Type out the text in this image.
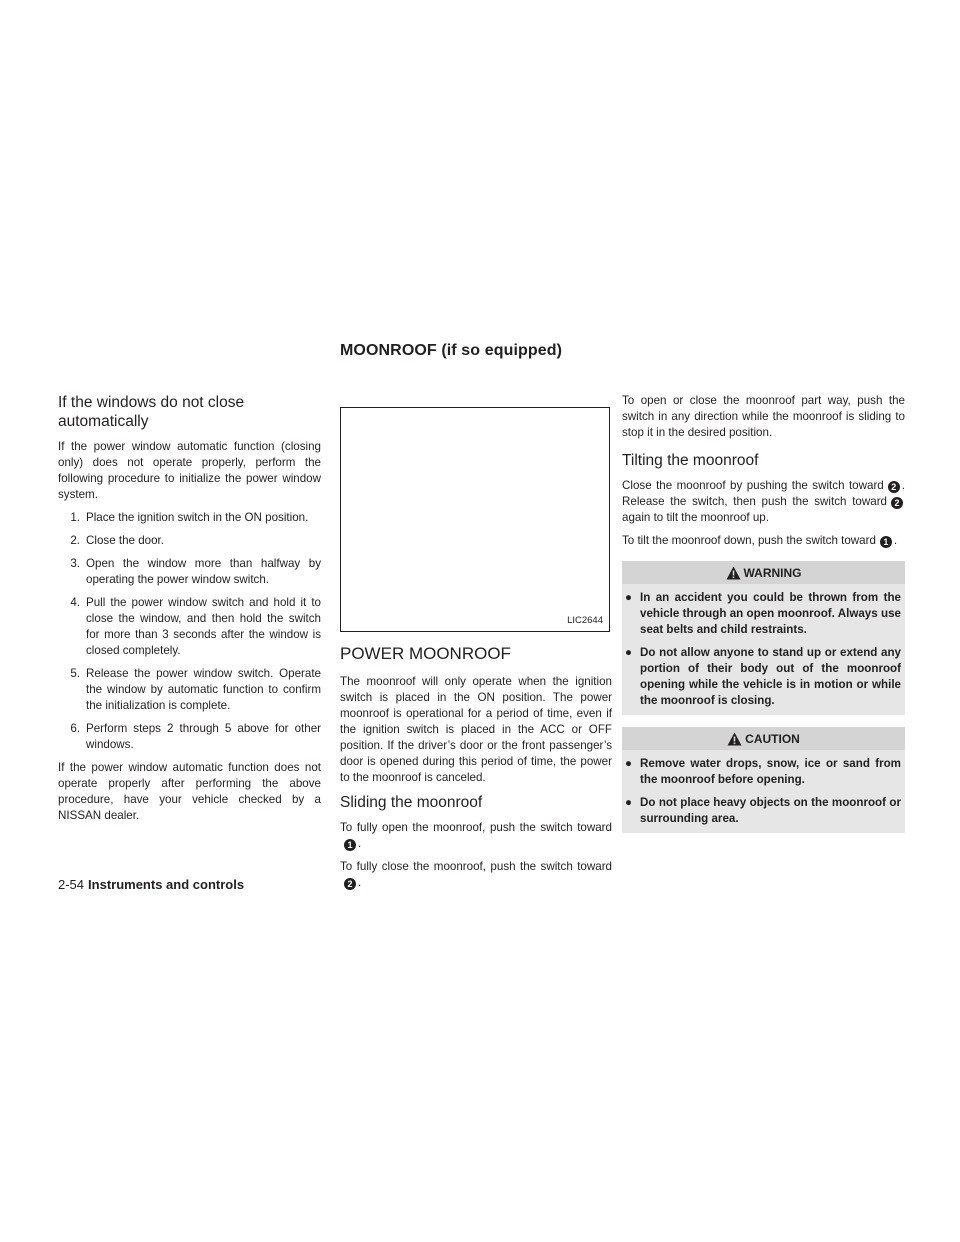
MOONROOF (if so equipped)
If the windows do not close automatically

If the power window automatic function (closing only) does not operate properly, perform the following procedure to initialize the power window system.

1. Place the ignition switch in the ON position.
2. Close the door.
3. Open the window more than halfway by operating the power window switch.
4. Pull the power window switch and hold it to close the window, and then hold the switch for more than 3 seconds after the window is closed completely.
5. Release the power window switch. Operate the window by automatic function to confirm the initialization is complete.
6. Perform steps 2 through 5 above for other windows.

If the power window automatic function does not operate properly after performing the above procedure, have your vehicle checked by a NISSAN dealer.

LIC2644
POWER MOONROOF

The moonroof will only operate when the ignition switch is placed in the ON position. The power moonroof is operational for a period of time, even if the ignition switch is placed in the ACC or OFF position. If the driver’s door or the front passenger’s door is opened during this period of time, the power to the moonroof is canceled.

Sliding the moonroof

To fully open the moonroof, push the switch toward1 .

To fully close the moonroof, push the switch toward2 .

To open or close the moonroof part way, push the switch in any direction while the moonroof is sliding to stop it in the desired position.

Tilting the moonroof

Close the moonroof by pushing the switch toward 2 . Release the switch, then push the switch toward 2again to tilt the moonroof up.

To tilt the moonroof down, push the switch toward 1 .

WARNING
● In an accident you could be thrown from the vehicle through an open moonroof. Always use seat belts and child restraints.
● Do not allow anyone to stand up or extend any portion of their body out of the moonroof opening while the vehicle is in motion or while the moonroof is closing.
CAUTION
● Remove water drops, snow, ice or sand from the moonroof before opening.
● Do not place heavy objects on the moonroof or surrounding area.
2-54 Instruments and controls
